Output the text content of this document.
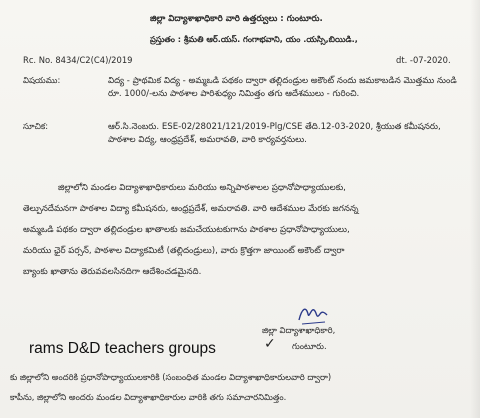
జిల్లా విద్యాశాఖాధికారి వారి ఉత్తర్వులు : గుంటూరు.
ప్రస్తుతం : శ్రీమతి ఆర్.యస్. గంగాభవాని, యం .యస్సి,బియిడి.,
Rc. No. 8434/C2(C4)/2019	dt. -07-2020.
విషయము:	విద్య - ప్రాథమిక విద్య - అమ్మఒడి పథకం ద్వారా తల్లిదండ్రుల అకౌంట్ నందు జమకాబడిన మొత్తము నుండి రూ. 1000/-లను పాఠశాల పారిశుధ్యం నిమిత్తం తగు ఆదేశములు - గురించి.
సూచిక:	ఆర్.సి.నెంబరు. ESE-02/28021/121/2019-Plg/CSE తేది.12-03-2020, శ్రీయుత కమీషనరు, పాఠశాల విద్య, ఆంధ్రప్రదేశ్, అమరావతి, వారి కార్యవర్తనులు.
జిల్లాలోని మండల విద్యాశాఖాధికారులు మరియు అన్నిపాఠశాలల ప్రధానోపాధ్యాయులకు,
తెల్పునదేమనగా పాఠశాల విద్యా కమీషనరు, ఆంధ్రప్రదేశ్, అమరావతి. వారి ఆదేశముల మేరకు జగనన్న
అమ్మఒడి పథకం ద్వారా తల్లిదండ్రుల ఖాతాలకు జమచేయుటకుగాను పాఠశాల ప్రధానోపాధ్యాయులు,
మరియు ఛైర్ పర్సన్, పాఠశాల విద్యాకమిటీ (తల్లిదండ్రులు), వారు క్రొత్తగా జాయింట్ అకౌంట్ ద్వారా
బ్యాంకు ఖాతాను తెరువవలసినదిగా ఆదేశించడమైనది.
జిల్లా విద్యాశాఖాధికారి,
గుంటూరు.
✓
rams D&D teachers groups
కు జిల్లాలోని అందరికి ప్రధానోపాధ్యాయులకారికి (సంబంధిత మండల విద్యాశాఖాధికారులవారి ద్వారా)
కాపీను, జిల్లాలోని అందరు మండల విద్యాశాఖాధికారుల వారికి తగు సమాచారనిమిత్తం.
